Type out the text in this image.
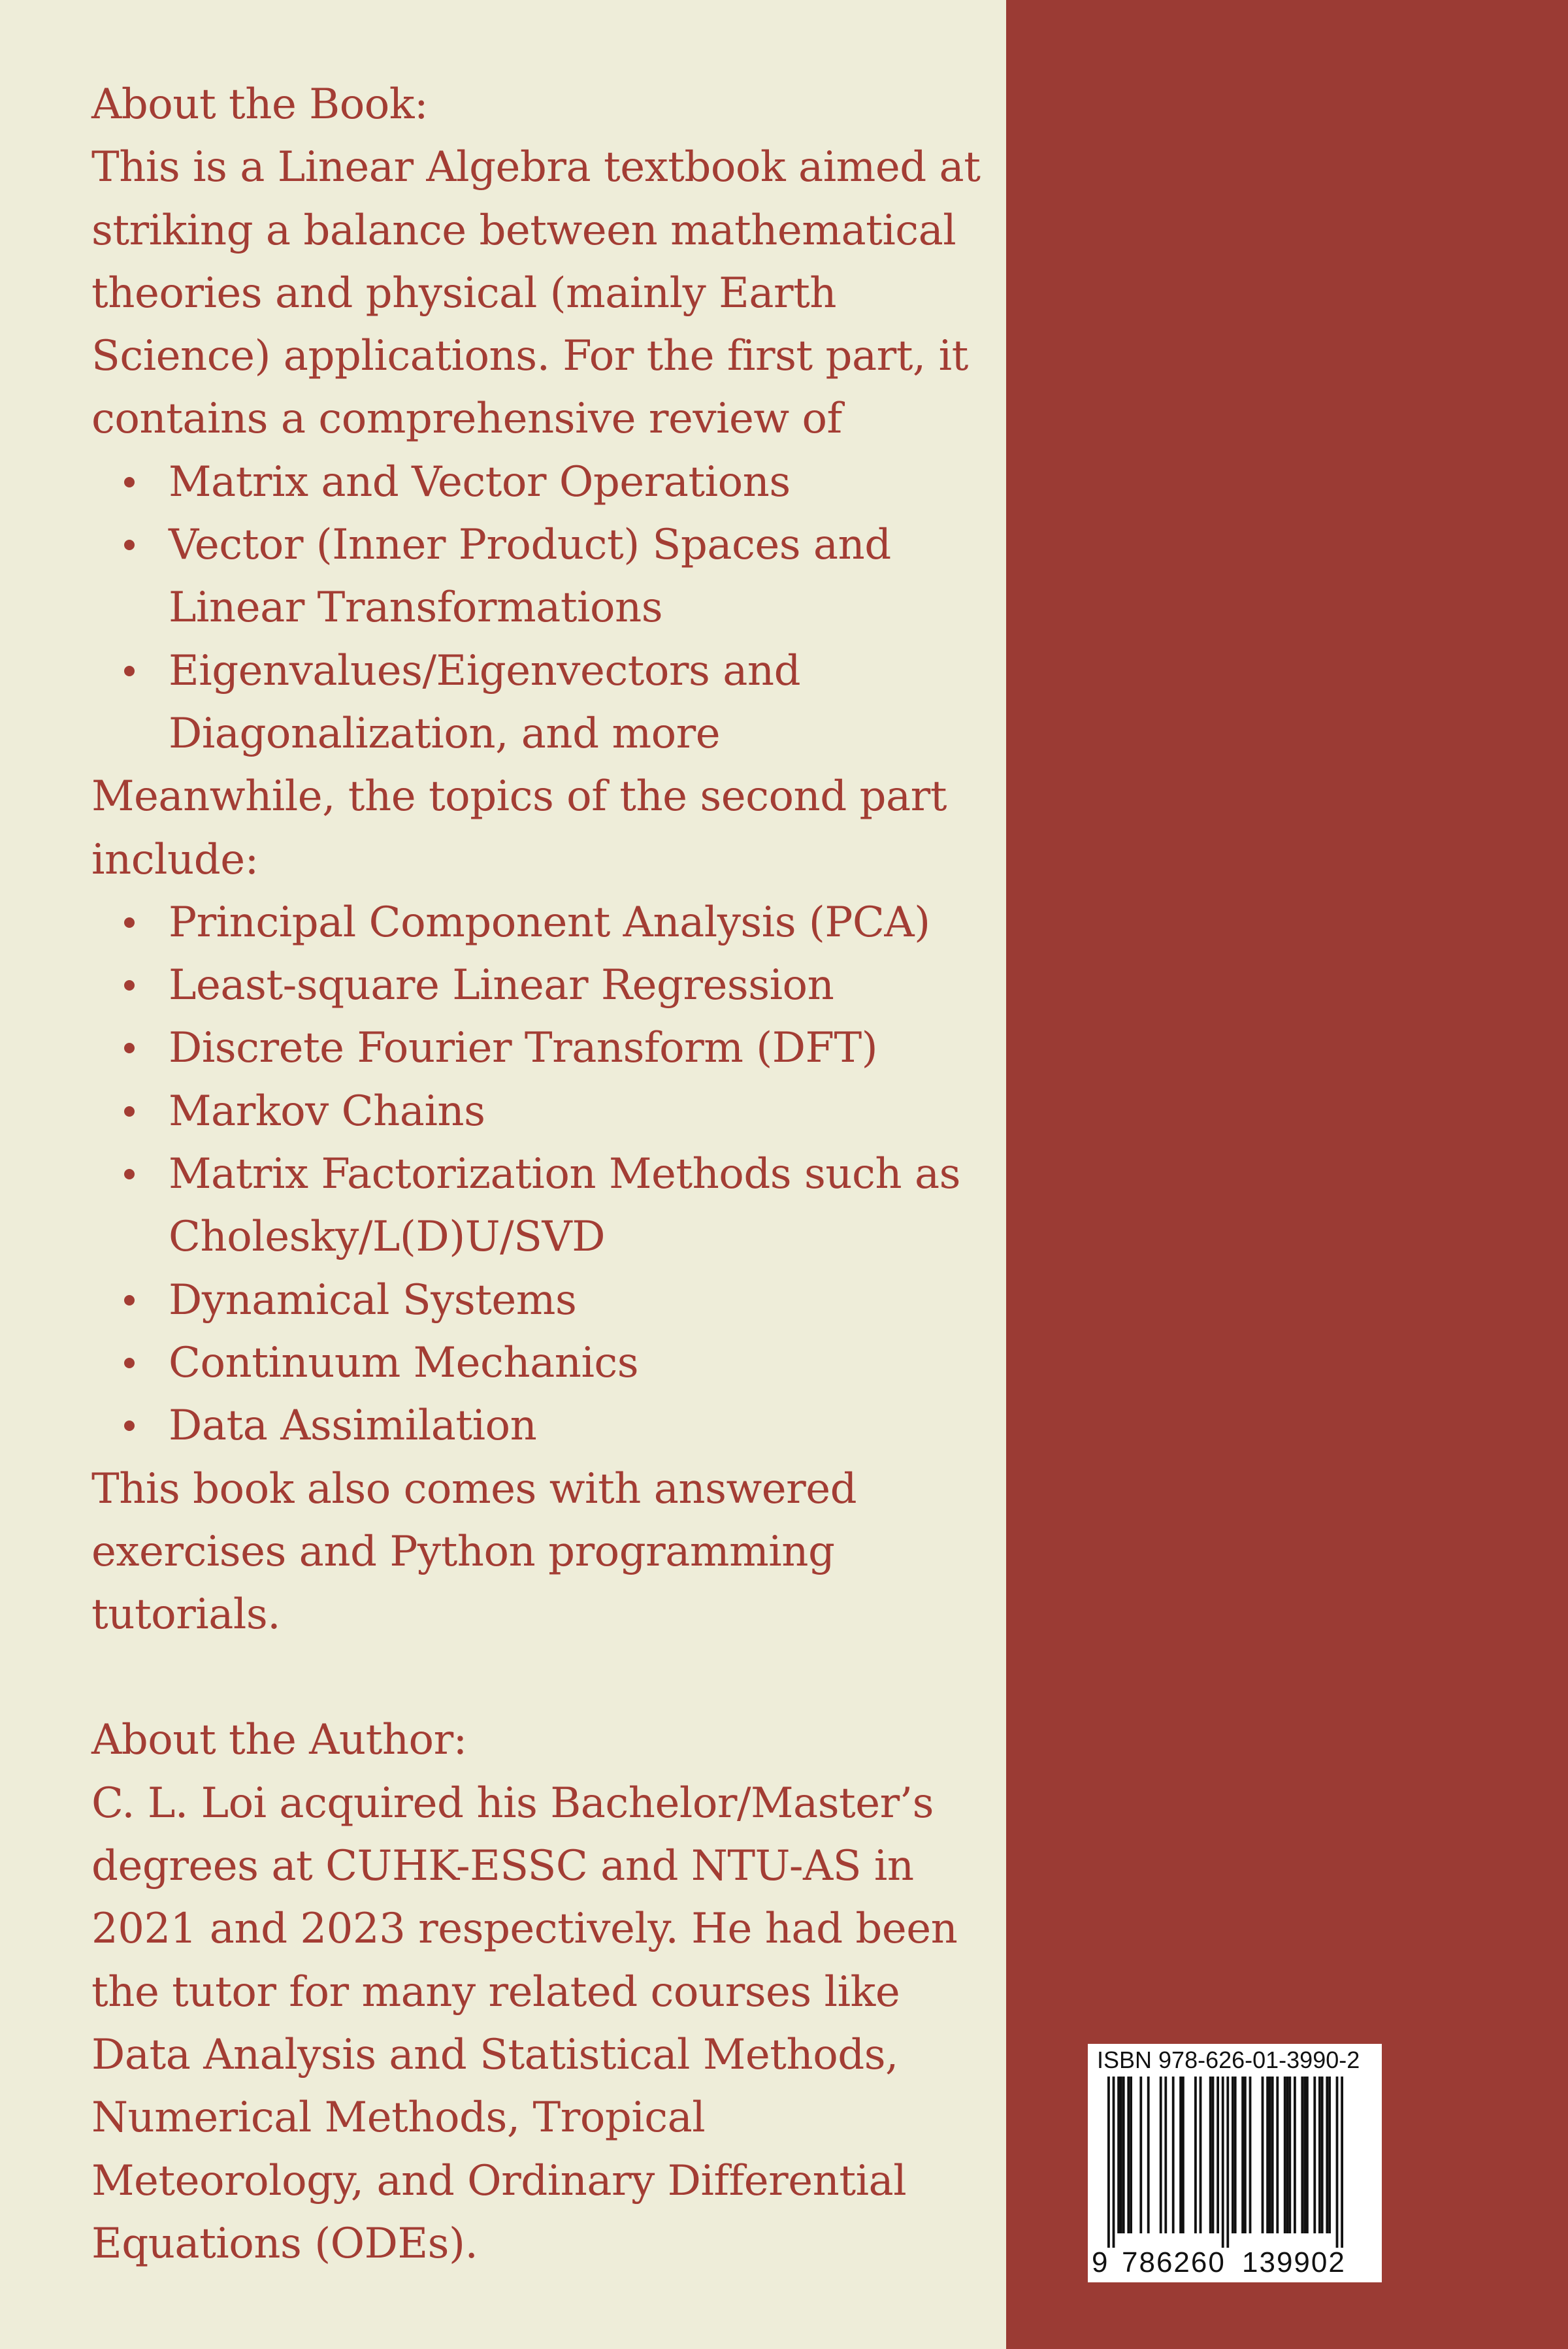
About the Book:

This is a Linear Algebra textbook aimed at striking a balance between mathematical theories and physical (mainly Earth Science) applications. For the first part, it contains a comprehensive review of

Matrix and Vector Operations
Vector (Inner Product) Spaces and Linear Transformations
Eigenvalues/Eigenvectors and Diagonalization, and more

Meanwhile, the topics of the second part include:

Principal Component Analysis (PCA)
Least-square Linear Regression
Discrete Fourier Transform (DFT)
Markov Chains
Matrix Factorization Methods such as Cholesky/L(D)U/SVD
Dynamical Systems
Continuum Mechanics
Data Assimilation

This book also comes with answered exercises and Python programming tutorials.

About the Author:

C. L. Loi acquired his Bachelor/Master’s degrees at CUHK-ESSC and NTU-AS in 2021 and 2023 respectively. He had been the tutor for many related courses like Data Analysis and Statistical Methods, Numerical Methods, Tropical Meteorology, and Ordinary Differential Equations (ODEs).

ISBN 978-626-01-3990-2
9 786260 139902
